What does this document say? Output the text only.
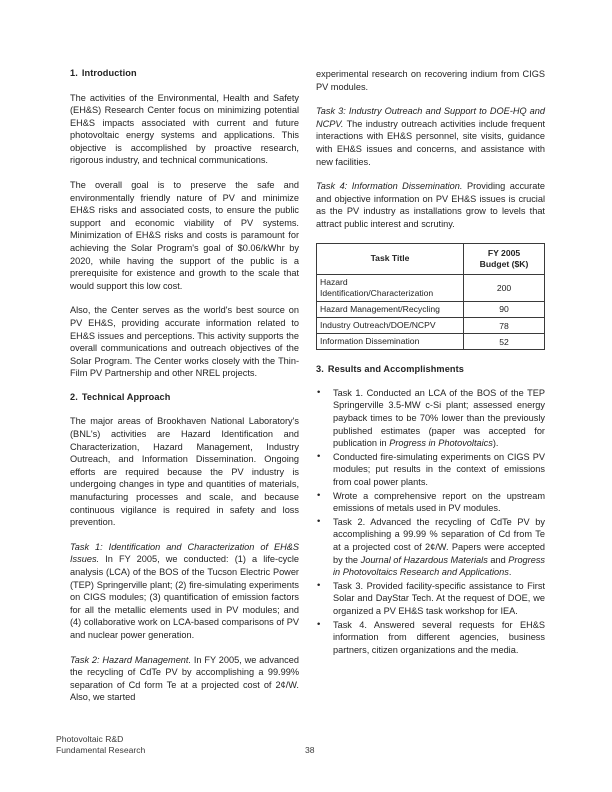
1. Introduction

The activities of the Environmental, Health and Safety (EH&S) Research Center focus on minimizing potential EH&S impacts associated with current and future photovoltaic energy systems and applications. This objective is accomplished by proactive research, rigorous industry, and technical communications.

The overall goal is to preserve the safe and environmentally friendly nature of PV and minimize EH&S risks and associated costs, to ensure the public support and economic viability of PV systems. Minimization of EH&S risks and costs is paramount for achieving the Solar Program's goal of $0.06/kWhr by 2020, while having the support of the public is a prerequisite for existence and growth to the scale that would support this low cost.

Also, the Center serves as the world's best source on PV EH&S, providing accurate information related to EH&S issues and perceptions. This activity supports the overall communications and outreach objectives of the Solar Program. The Center works closely with the Thin-Film PV Partnership and other NREL projects.

2. Technical Approach

The major areas of Brookhaven National Laboratory's (BNL's) activities are Hazard Identification and Characterization, Hazard Management, Industry Outreach, and Information Dissemination. Ongoing efforts are required because the PV industry is undergoing changes in type and quantities of materials, manufacturing processes and scale, and because continuous vigilance is required in safety and loss prevention.

Task 1: Identification and Characterization of EH&S Issues. In FY 2005, we conducted: (1) a life-cycle analysis (LCA) of the BOS of the Tucson Electric Power (TEP) Springerville plant; (2) fire-simulating experiments on CIGS modules; (3) quantification of emission factors for all the metallic elements used in PV modules; and (4) collaborative work on LCA-based comparisons of PV and nuclear power generation.

Task 2: Hazard Management. In FY 2005, we advanced the recycling of CdTe PV by accomplishing a 99.99% separation of Cd form Te at a projected cost of 2¢/W. Also, we started

experimental research on recovering indium from CIGS PV modules.

Task 3: Industry Outreach and Support to DOE-HQ and NCPV. The industry outreach activities include frequent interactions with EH&S personnel, site visits, guidance with EH&S issues and concerns, and assistance with new facilities.

Task 4: Information Dissemination. Providing accurate and objective information on PV EH&S issues is crucial as the PV industry as installations grow to levels that attract public interest and scrutiny.

Task Title	FY 2005
Budget ($K)
Hazard
Identification/Characterization	200
Hazard Management/Recycling	90
Industry Outreach/DOE/NCPV	78
Information Dissemination	52
3. Results and Accomplishments
• Task 1. Conducted an LCA of the BOS of the TEP Springerville 3.5-MW c-Si plant; assessed energy payback times to be 70% lower than the previously published estimates (paper was accepted for publication in Progress in Photovoltaics).
• Conducted fire-simulating experiments on CIGS PV modules; put results in the context of emissions from coal power plants.
• Wrote a comprehensive report on the upstream emissions of metals used in PV modules.
• Task 2. Advanced the recycling of CdTe PV by accomplishing a 99.99 % separation of Cd from Te at a projected cost of 2¢/W. Papers were accepted by the Journal of Hazardous Materials and Progress in Photovoltaics Research and Applications.
• Task 3. Provided facility-specific assistance to First Solar and DayStar Tech. At the request of DOE, we organized a PV EH&S task workshop for IEA.
• Task 4. Answered several requests for EH&S information from different agencies, business partners, citizen organizations and the media.
Photovoltaic R&D
Fundamental Research	38
